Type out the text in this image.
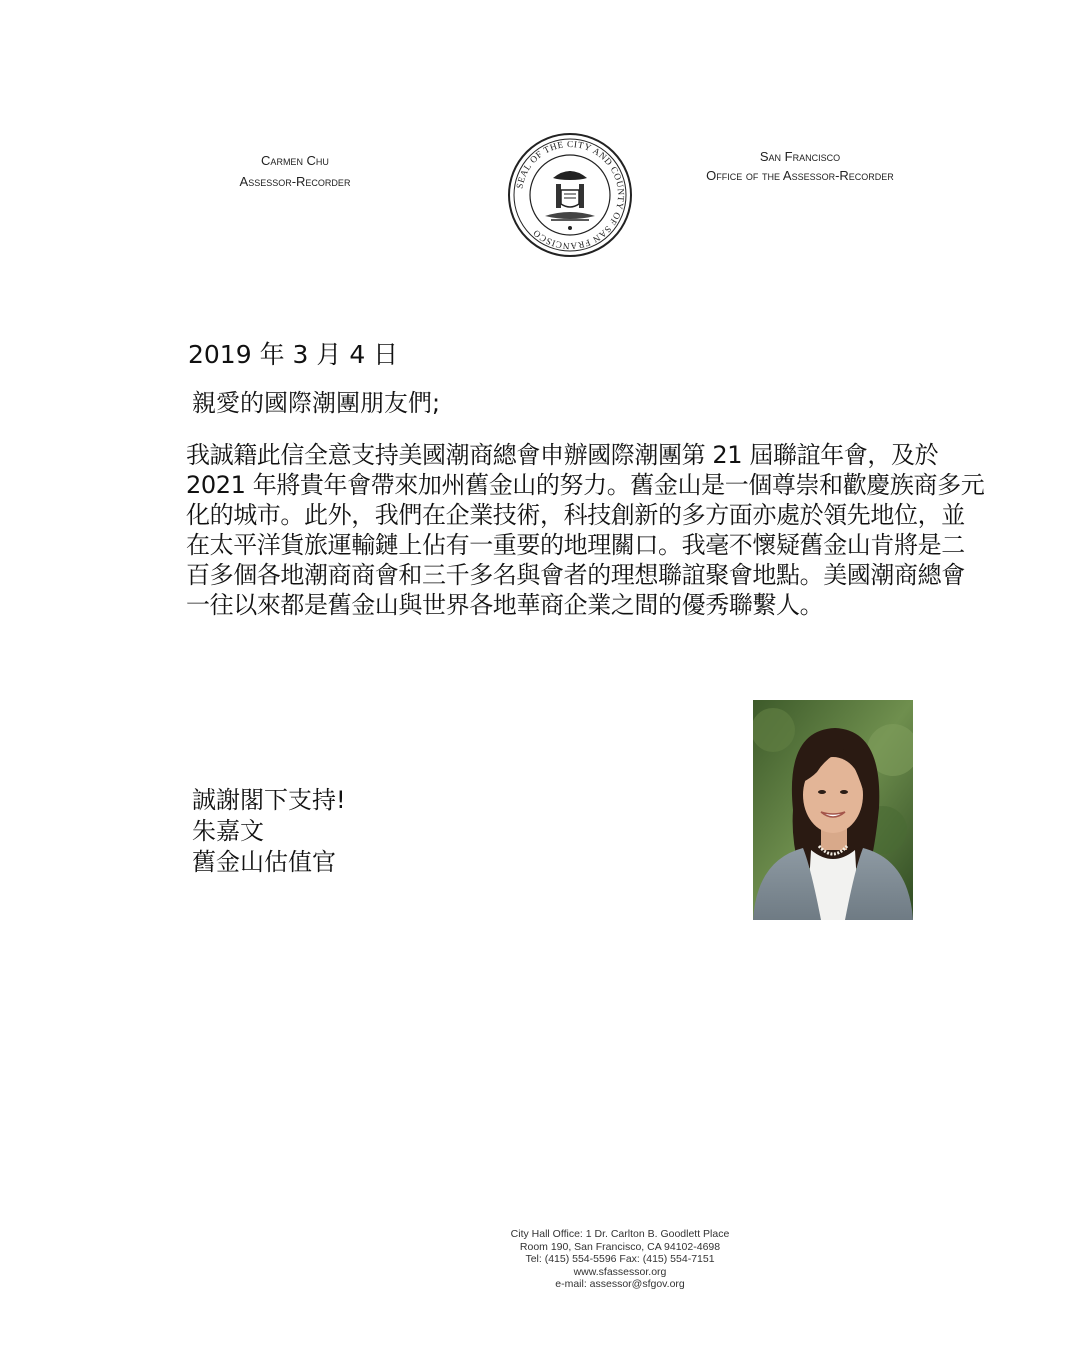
Carmen Chu
Assessor-Recorder	SEAL OF THE CITY AND COUNTY OF SAN FRANCISCO
San Francisco
Office of the Assessor-Recorder
2019 年 3 月 4 日
親愛的國際潮團朋友們;
我誠籍此信全意支持美國潮商總會申辦國際潮團第 21 屆聯誼年會，及於
2021 年將貴年會帶來加州舊金山的努力。舊金山是一個尊崇和歡慶族商多元
化的城市。此外，我們在企業技術，科技創新的多方面亦處於領先地位，並
在太平洋貨旅運輸鏈上佔有一重要的地理關口。我毫不懷疑舊金山肯將是二
百多個各地潮商商會和三千多名與會者的理想聯誼聚會地點。美國潮商總會
一往以來都是舊金山與世界各地華商企業之間的優秀聯繫人。
誠謝閣下支持!
朱嘉文
舊金山估值官
City Hall Office: 1 Dr. Carlton B. Goodlett Place
Room 190, San Francisco, CA 94102-4698
Tel: (415) 554-5596 Fax: (415) 554-7151
www.sfassessor.org
e-mail: assessor@sfgov.org
